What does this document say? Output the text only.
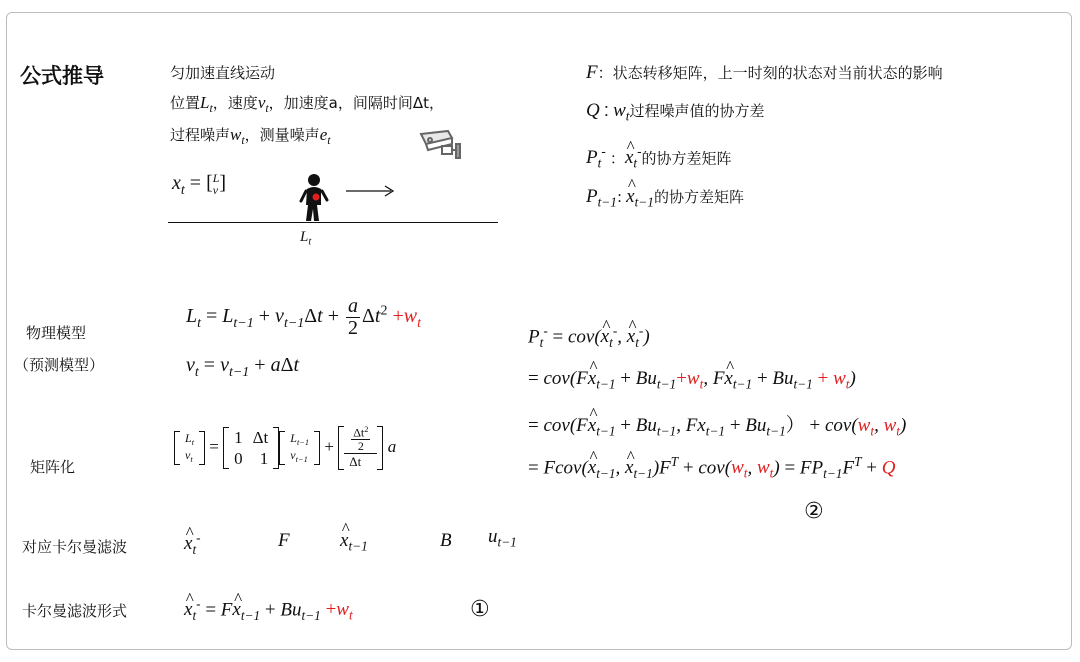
公式推导	匀加速直线运动
位置$L_t$，速度$v_t$，加速度a，间隔时间Δt，
过程噪声$w_t$，测量噪声$e_t$
$x_t$ = [ L
v ]
$L_t$
F：状态转移矩阵，上一时刻的状态对当前状态的影响
Q : $w_t$过程噪声值的协方差
$P_t^-$ ：^ $x_t^-$的协方差矩阵
$P_{t-1}$: ^ $x_{t-1}$的协方差矩阵
物理模型
（预测模型）
矩阵化
对应卡尔曼滤波
卡尔曼滤波形式
$L_t = L_{t-1} + v_{t-1}\Delta t + \frac{a}{2} \Delta t^2 +w_t$
$v_t = v_{t-1} + a\Delta t$
$L_t$
$v_t$
= 1	Δt
0	1
$L_{t-1}$
$v_{t-1}$
+ $\frac{\Delta t^2}{2}$

Δt
a
^ $x_t^-$	F	^ $x_{t-1}$	B $u_{t-1}$
^ $x_t^-$ = F^ $x_{t-1} + Bu_{t-1} +w_t$	①
$P_t^-$ = cov(^ $x_t^-$, ^ $x_t^-$)
= cov(F^ $x_{t-1} + Bu_{t-1}+w_t$, F^ $x_{t-1} + Bu_{t-1} + w_t$)
= cov(F^ $x_{t-1} + Bu_{t-1}$, $Fx_{t-1} + Bu_{t-1}) + cov(w_t$, $w_t$)
= Fcov(^ $x_{t-1}$, ^ $x_{t-1})F^T + cov(w_t$, $w_t) = FP_{t-1}F^T + Q$
②
